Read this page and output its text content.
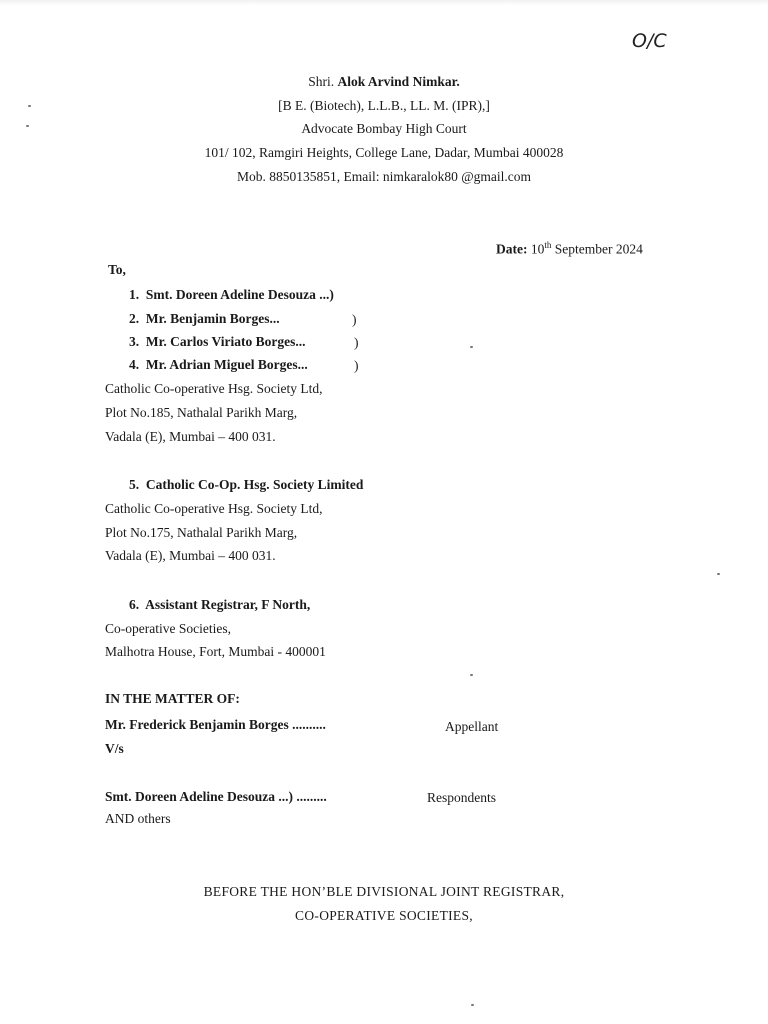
O/C
Shri. Alok Arvind Nimkar.
[B E. (Biotech), L.L.B., LL. M. (IPR),]
Advocate Bombay High Court
101/ 102, Ramgiri Heights, College Lane, Dadar, Mumbai 400028
Mob. 8850135851, Email: nimkaralok80 @gmail.com
Date: 10th September 2024
To,
1. Smt. Doreen Adeline Desouza ...)
2. Mr. Benjamin Borges...	)
3. Mr. Carlos Viriato Borges...	)
4. Mr. Adrian Miguel Borges...	)
Catholic Co-operative Hsg. Society Ltd,
Plot No.185, Nathalal Parikh Marg,
Vadala (E), Mumbai – 400 031.
5. Catholic Co-Op. Hsg. Society Limited
Catholic Co-operative Hsg. Society Ltd,
Plot No.175, Nathalal Parikh Marg,
Vadala (E), Mumbai – 400 031.
6. Assistant Registrar, F North,
Co-operative Societies,
Malhotra House, Fort, Mumbai - 400001
IN THE MATTER OF:
Mr. Frederick Benjamin Borges ..........	Appellant
V/s
Smt. Doreen Adeline Desouza ...) .........	Respondents
AND others
BEFORE THE HON’BLE DIVISIONAL JOINT REGISTRAR,
CO-OPERATIVE SOCIETIES,
